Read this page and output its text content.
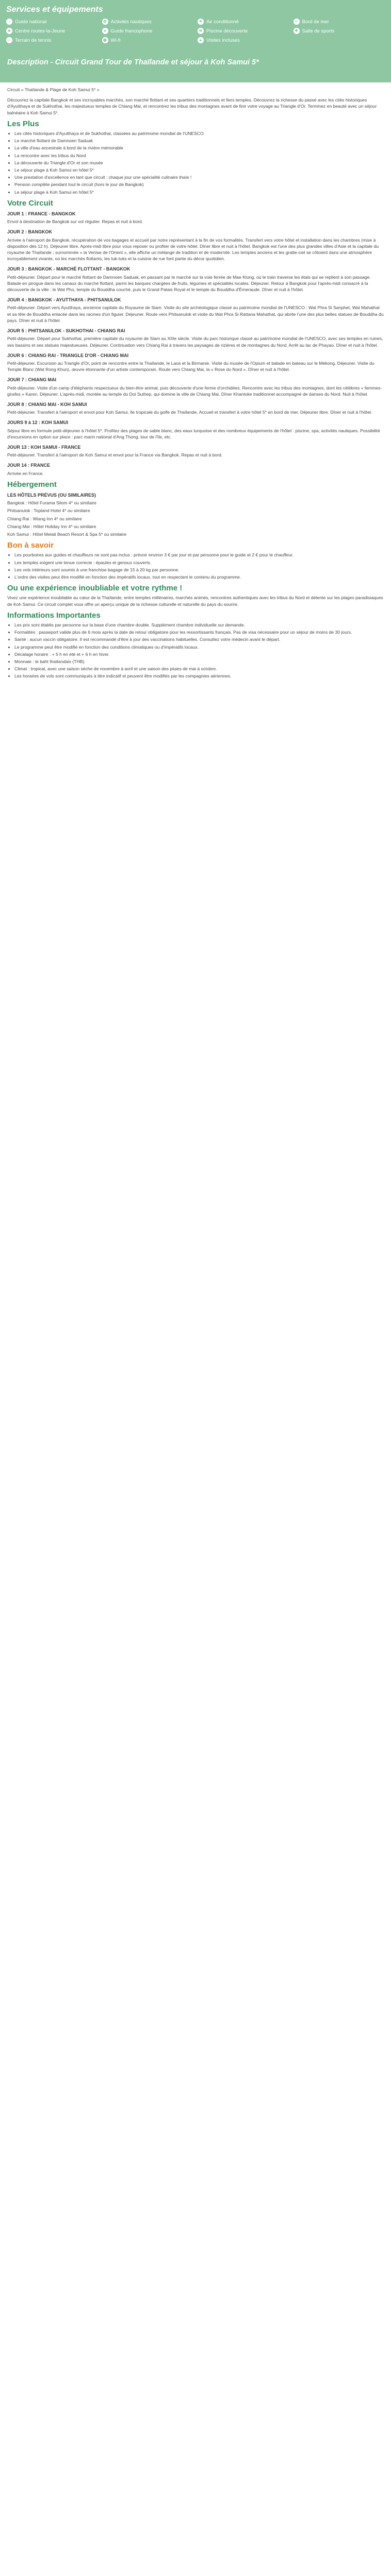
Services et équipements
♪ Guide national	✿ Activités nautiques	☀ Air conditionné	≈ Bord de mer
■ Centre routes-la-Jeune	● Guide francophone	≋ Piscine découverte	✚ Salle de sports
⌂ Terrain de tennis	◉ Wi-fi	▲ Visites incluses
Description - Circuit Grand Tour de Thaïlande et séjour à Koh Samui 5*

Circuit « Thaïlande & Plage de Koh Samui 5* »

Découvrez la capitale Bangkok et ses incroyables marchés, son marché flottant et ses quartiers traditionnels et fiers temples. Découvrez la richesse du passé avec les cités historiques d'Ayutthaya et de Sukhothai, les majestueux temples de Chiang Mai, et rencontrez les tribus des montagnes avant de finir votre voyage au Triangle d'Or. Terminez en beauté avec un séjour balnéaire à Koh Samui 5*.

Les Plus
• Les cités historiques d'Ayutthaya et de Sukhothai, classées au patrimoine mondial de l'UNESCO
• Le marché flottant de Damnoen Saduak
• La ville d'eau ancestrale à bord de la rivière mémorable
• La rencontre avec les tribus du Nord
• La découverte du Triangle d'Or et son musée
• Le séjour plage à Koh Samui en hôtel 5*
• Une prestation d'excellence en tant que circuit : chaque jour une spécialité culinaire thaïe !
• Pension complète pendant tout le circuit (hors le jour de Bangkok)
• Le séjour plage à Koh Samui en hôtel 5*
Votre Circuit
JOUR 1 : FRANCE - BANGKOK

Envol à destination de Bangkok sur vol régulier. Repas et nuit à bord.

JOUR 2 : BANGKOK

Arrivée à l'aéroport de Bangkok, récupération de vos bagages et accueil par notre représentant à la fin de vos formalités. Transfert vers votre hôtel et installation dans les chambres (mise à disposition dès 12 h). Déjeuner libre. Après-midi libre pour vous reposer ou profiter de votre hôtel. Dîner libre et nuit à l'hôtel. Bangkok est l'une des plus grandes villes d'Asie et la capitale du royaume de Thaïlande ; surnommée « la Venise de l'Orient », elle affiche un mélange de tradition et de modernité. Les temples anciens et les gratte-ciel se côtoient dans une atmosphère incroyablement vivante, où les marchés flottants, les tuk-tuks et la cuisine de rue font partie du décor quotidien.

JOUR 3 : BANGKOK - MARCHÉ FLOTTANT - BANGKOK

Petit-déjeuner. Départ pour le marché flottant de Damnoen Saduak, en passant par le marché sur la voie ferrée de Mae Klong, où le train traverse les étals qui se replient à son passage. Balade en pirogue dans les canaux du marché flottant, parmi les barques chargées de fruits, légumes et spécialités locales. Déjeuner. Retour à Bangkok pour l'après-midi consacré à la découverte de la ville : le Wat Pho, temple du Bouddha couché, puis le Grand Palais Royal et le temple du Bouddha d'Émeraude. Dîner et nuit à l'hôtel.

JOUR 4 : BANGKOK - AYUTTHAYA - PHITSANULOK

Petit-déjeuner. Départ vers Ayutthaya, ancienne capitale du Royaume de Siam. Visite du site archéologique classé au patrimoine mondial de l'UNESCO : Wat Phra Si Sanphet, Wat Mahathat et sa tête de Bouddha enlacée dans les racines d'un figuier. Déjeuner. Route vers Phitsanulok et visite du Wat Phra Si Rattana Mahathat, qui abrite l'une des plus belles statues de Bouddha du pays. Dîner et nuit à l'hôtel.

JOUR 5 : PHITSANULOK - SUKHOTHAI - CHIANG RAI

Petit-déjeuner. Départ pour Sukhothai, première capitale du royaume de Siam au XIIIe siècle. Visite du parc historique classé au patrimoine mondial de l'UNESCO, avec ses temples en ruines, ses bassins et ses statues majestueuses. Déjeuner. Continuation vers Chiang Rai à travers les paysages de rizières et de montagnes du Nord. Arrêt au lac de Phayao. Dîner et nuit à l'hôtel.

JOUR 6 : CHIANG RAI - TRIANGLE D'OR - CHIANG MAI

Petit-déjeuner. Excursion au Triangle d'Or, point de rencontre entre la Thaïlande, le Laos et la Birmanie. Visite du musée de l'Opium et balade en bateau sur le Mékong. Déjeuner. Visite du Temple Blanc (Wat Rong Khun), œuvre étonnante d'un artiste contemporain. Route vers Chiang Mai, la « Rose du Nord ». Dîner et nuit à l'hôtel.

JOUR 7 : CHIANG MAI

Petit-déjeuner. Visite d'un camp d'éléphants respectueux du bien-être animal, puis découverte d'une ferme d'orchidées. Rencontre avec les tribus des montagnes, dont les célèbres « femmes-girafes » Karen. Déjeuner. L'après-midi, montée au temple du Doi Suthep, qui domine la ville de Chiang Mai. Dîner Khantoke traditionnel accompagné de danses du Nord. Nuit à l'hôtel.

JOUR 8 : CHIANG MAI - KOH SAMUI

Petit-déjeuner. Transfert à l'aéroport et envol pour Koh Samui, île tropicale du golfe de Thaïlande. Accueil et transfert à votre hôtel 5* en bord de mer. Déjeuner libre. Dîner et nuit à l'hôtel.

JOURS 9 à 12 : KOH SAMUI

Séjour libre en formule petit-déjeuner à l'hôtel 5*. Profitez des plages de sable blanc, des eaux turquoise et des nombreux équipements de l'hôtel : piscine, spa, activités nautiques. Possibilité d'excursions en option sur place : parc marin national d'Ang Thong, tour de l'île, etc.

JOUR 13 : KOH SAMUI - FRANCE

Petit-déjeuner. Transfert à l'aéroport de Koh Samui et envol pour la France via Bangkok. Repas et nuit à bord.

JOUR 14 : FRANCE

Arrivée en France.

Hébergement
LES HÔTELS PRÉVUS (OU SIMILAIRES)

Bangkok : Hôtel Furama Silom 4* ou similaire

Phitsanulok : Topland Hotel 4* ou similaire

Chiang Rai : Wiang Inn 4* ou similaire

Chiang Mai : Hôtel Holiday Inn 4* ou similaire

Koh Samui : Hôtel Melati Beach Resort & Spa 5* ou similaire

Bon à savoir
• Les pourboires aux guides et chauffeurs ne sont pas inclus : prévoir environ 3 € par jour et par personne pour le guide et 2 € pour le chauffeur.
• Les temples exigent une tenue correcte : épaules et genoux couverts.
• Les vols intérieurs sont soumis à une franchise bagage de 15 à 20 kg par personne.
• L'ordre des visites peut être modifié en fonction des impératifs locaux, tout en respectant le contenu du programme.
Ou une expérience inoubliable et votre rythme !

Vivez une expérience inoubliable au cœur de la Thaïlande, entre temples millénaires, marchés animés, rencontres authentiques avec les tribus du Nord et détente sur les plages paradisiaques de Koh Samui. Ce circuit complet vous offre un aperçu unique de la richesse culturelle et naturelle du pays du sourire.

Informations Importantes
• Les prix sont établis par personne sur la base d'une chambre double. Supplément chambre individuelle sur demande.
• Formalités : passeport valide plus de 6 mois après la date de retour obligatoire pour les ressortissants français. Pas de visa nécessaire pour un séjour de moins de 30 jours.
• Santé : aucun vaccin obligatoire. Il est recommandé d'être à jour des vaccinations habituelles. Consultez votre médecin avant le départ.
• Le programme peut être modifié en fonction des conditions climatiques ou d'impératifs locaux.
• Décalage horaire : + 5 h en été et + 6 h en hiver.
• Monnaie : le baht thaïlandais (THB).
• Climat : tropical, avec une saison sèche de novembre à avril et une saison des pluies de mai à octobre.
• Les horaires de vols sont communiqués à titre indicatif et peuvent être modifiés par les compagnies aériennes.
